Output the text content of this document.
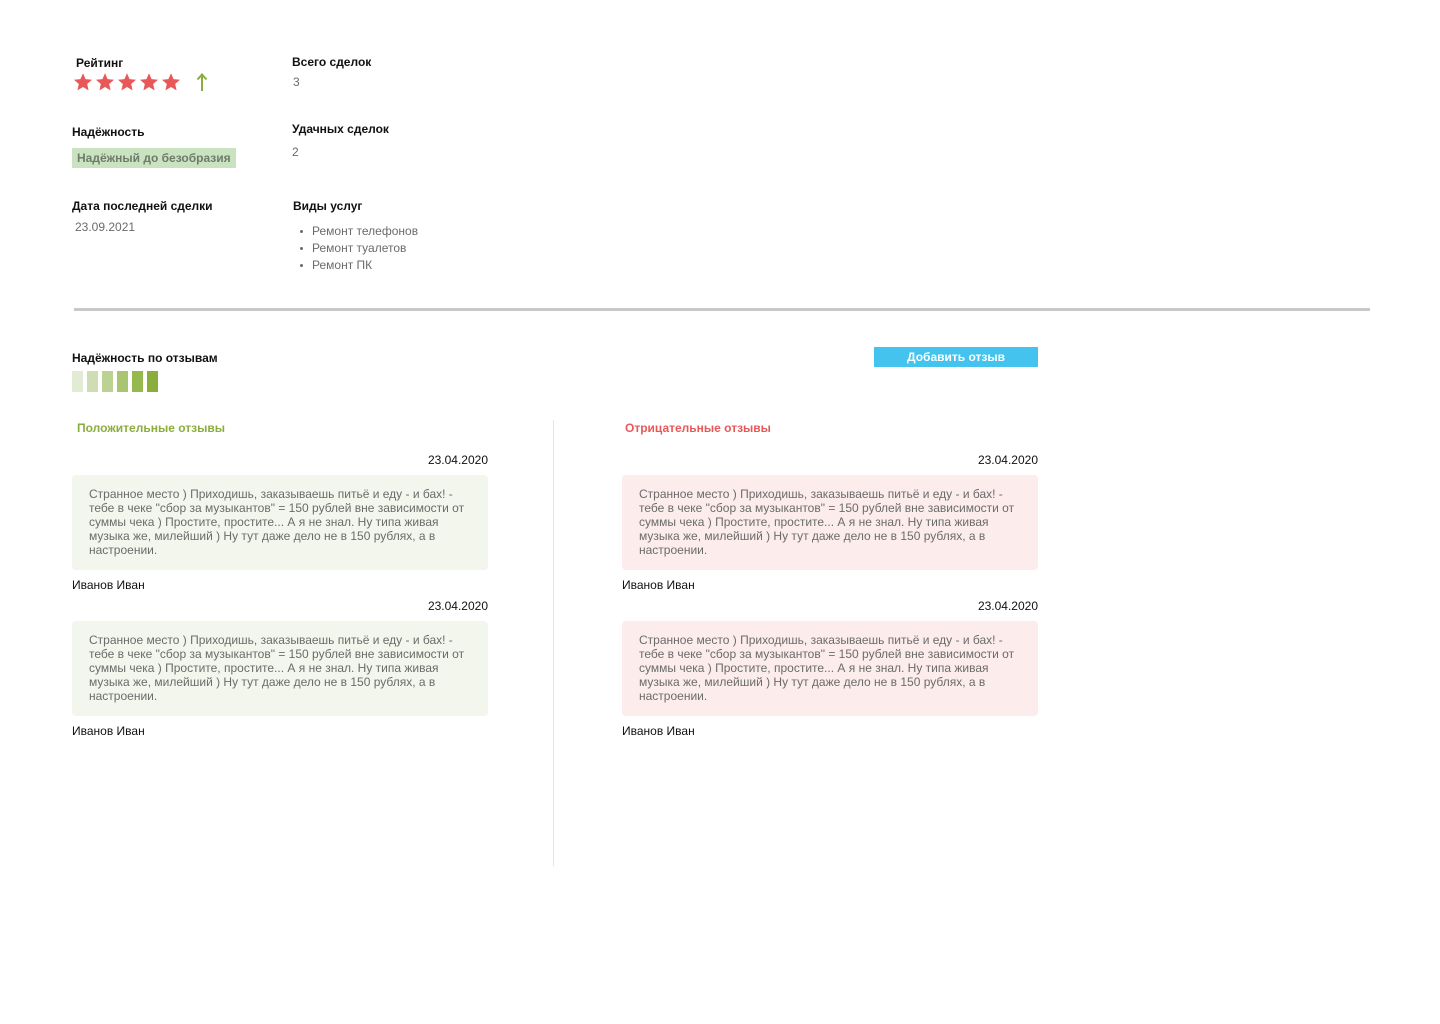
Рейтинг	Всего сделок
3
Надёжность
Надёжный до безобразия
Удачных сделок
2
Дата последней сделки
23.09.2021
Виды услуг
Ремонт телефонов
Ремонт туалетов
Ремонт ПК
Надёжность по отзывам	Добавить отзыв
Положительные отзывы	Отрицательные отзывы
23.04.2020
Странное место ) Приходишь, заказываешь питьё и еду - и бах! - тебе в чеке "сбор за музыкантов" = 150 рублей вне зависимости от суммы чека ) Простите, простите... А я не знал. Ну типа живая музыка же, милейший ) Ну тут даже дело не в 150 рублях, а в настроении.
Иванов Иван
23.04.2020
Странное место ) Приходишь, заказываешь питьё и еду - и бах! - тебе в чеке "сбор за музыкантов" = 150 рублей вне зависимости от суммы чека ) Простите, простите... А я не знал. Ну типа живая музыка же, милейший ) Ну тут даже дело не в 150 рублях, а в настроении.
Иванов Иван
23.04.2020
Странное место ) Приходишь, заказываешь питьё и еду - и бах! - тебе в чеке "сбор за музыкантов" = 150 рублей вне зависимости от суммы чека ) Простите, простите... А я не знал. Ну типа живая музыка же, милейший ) Ну тут даже дело не в 150 рублях, а в настроении.
Иванов Иван
23.04.2020
Странное место ) Приходишь, заказываешь питьё и еду - и бах! - тебе в чеке "сбор за музыкантов" = 150 рублей вне зависимости от суммы чека ) Простите, простите... А я не знал. Ну типа живая музыка же, милейший ) Ну тут даже дело не в 150 рублях, а в настроении.
Иванов Иван
